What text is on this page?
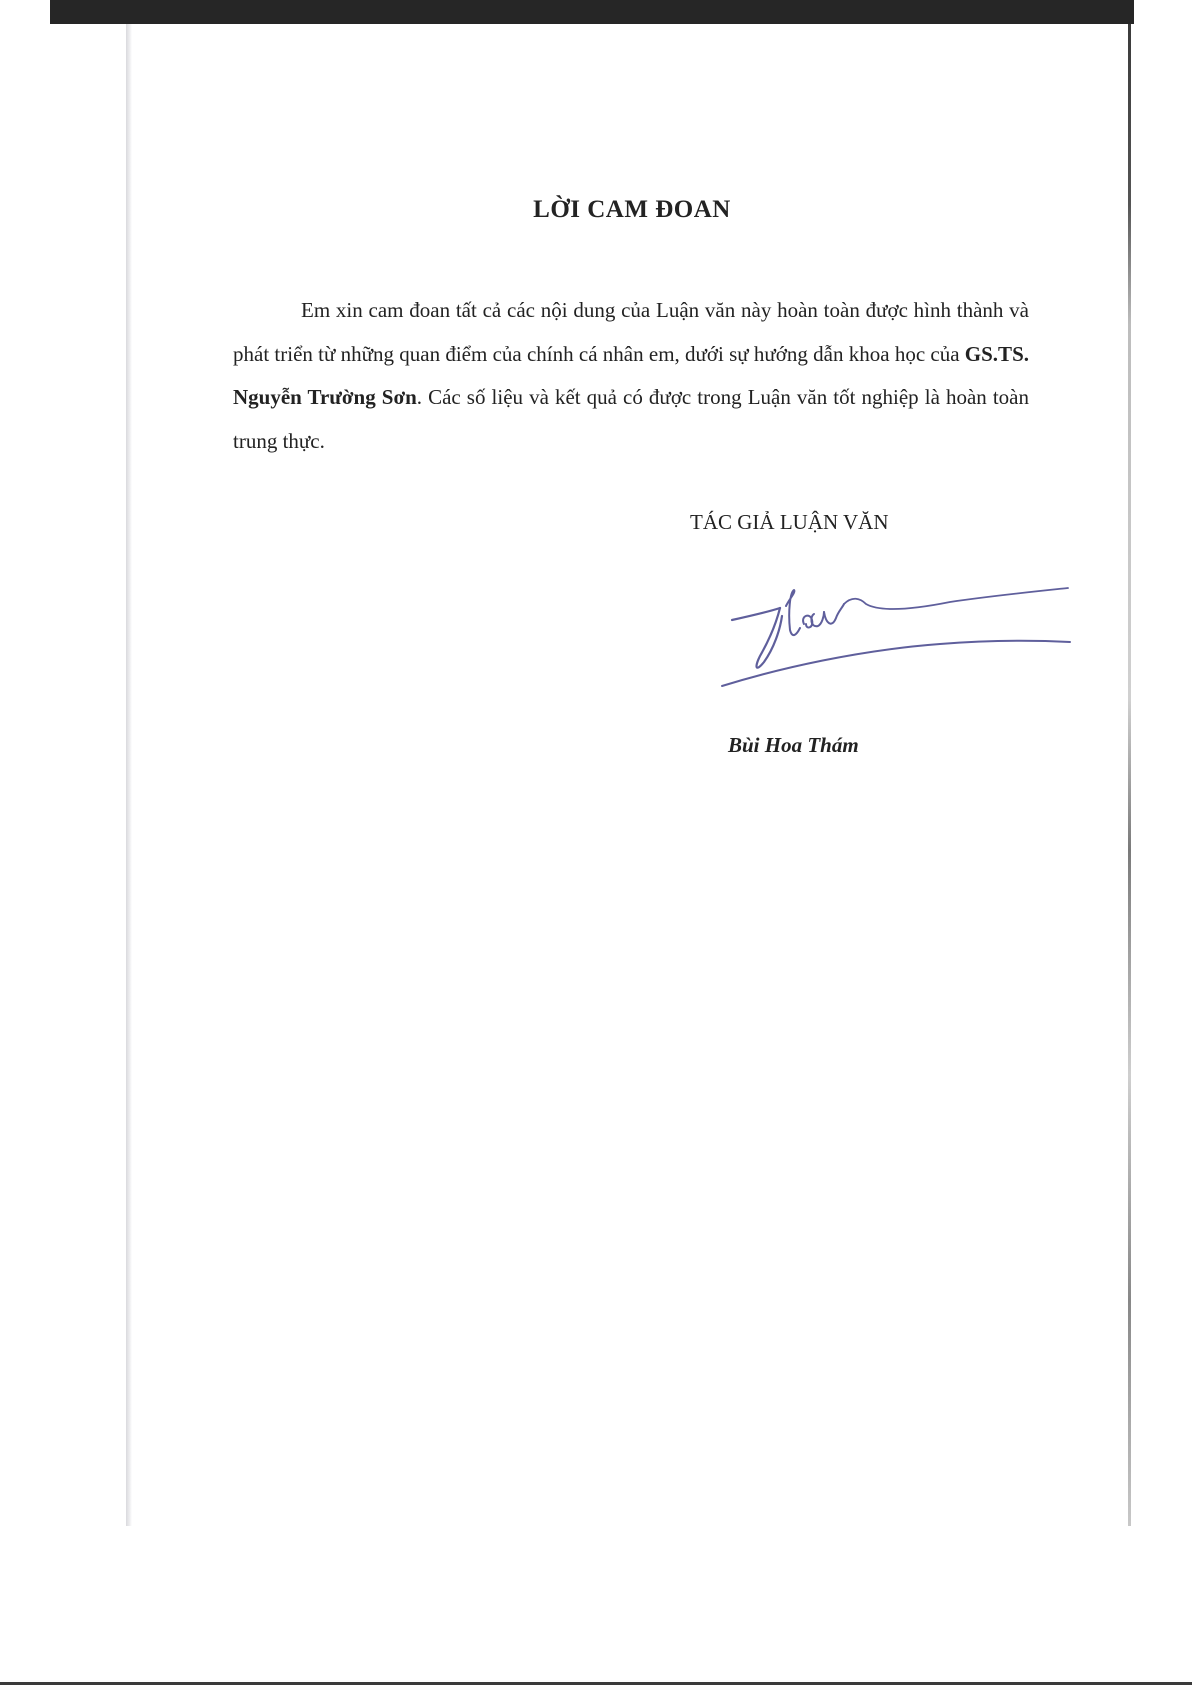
LỜI CAM ĐOAN

Em xin cam đoan tất cả các nội dung của Luận văn này hoàn toàn được hình thành và phát triển từ những quan điểm của chính cá nhân em, dưới sự hướng dẫn khoa học của GS.TS. Nguyễn Trường Sơn. Các số liệu và kết quả có được trong Luận văn tốt nghiệp là hoàn toàn trung thực.

TÁC GIẢ LUẬN VĂN
Bùi Hoa Thám
